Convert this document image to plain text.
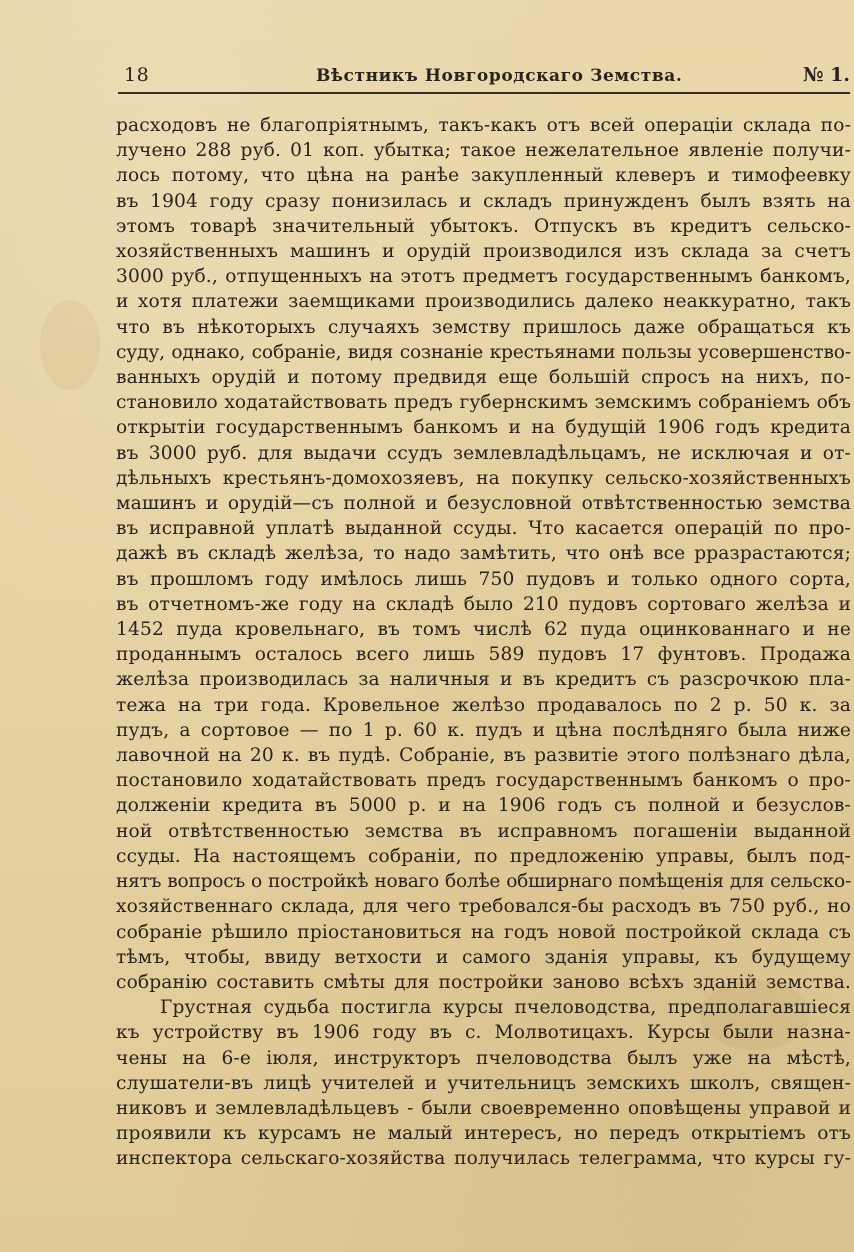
18	Вѣстникъ Новгородскаго Земства.	№ 1.

расходовъ не благопріятнымъ, такъ-какъ отъ всей операціи склада по-

лучено 288 руб. 01 коп. убытка; такое нежелательное явленіе получи-

лось потому, что цѣна на ранѣе закупленный клеверъ и тимофеевку

въ 1904 году сразу понизилась и складъ принужденъ былъ взять на

этомъ товарѣ значительный убытокъ. Отпускъ въ кредитъ сельско-

хозяйственныхъ машинъ и орудій производился изъ склада за счетъ

3000 руб., отпущенныхъ на этотъ предметъ государственнымъ банкомъ,

и хотя платежи заемщиками производились далеко неаккуратно, такъ

что въ нѣкоторыхъ случаяхъ земству пришлось даже обращаться къ

суду, однако, собраніе, видя сознаніе крестьянами пользы усовершенство-

ванныхъ орудій и потому предвидя еще большій спросъ на нихъ, по-

становило ходатайствовать предъ губернскимъ земскимъ собраніемъ объ

открытіи государственнымъ банкомъ и на будущій 1906 годъ кредита

въ 3000 руб. для выдачи ссудъ землевладѣльцамъ, не исключая и от-

дѣльныхъ крестьянъ-домохозяевъ, на покупку сельско-хозяйственныхъ

машинъ и орудій—съ полной и безусловной отвѣтственностью земства

въ исправной уплатѣ выданной ссуды. Что касается операцій по про-

дажѣ въ складѣ желѣза, то надо замѣтить, что онѣ все рразрастаются;

въ прошломъ году имѣлось лишь 750 пудовъ и только одного сорта,

въ отчетномъ-же году на складѣ было 210 пудовъ сортоваго желѣза и

1452 пуда кровельнаго, въ томъ числѣ 62 пуда оцинкованнаго и не

проданнымъ осталось всего лишь 589 пудовъ 17 фунтовъ. Продажа

желѣза производилась за наличныя и въ кредитъ съ разсрочкою пла-

тежа на три года. Кровельное желѣзо продавалось по 2 р. 50 к. за

пудъ, а сортовое — по 1 р. 60 к. пудъ и цѣна послѣдняго была ниже

лавочной на 20 к. въ пудѣ. Собраніе, въ развитіе этого полѣзнаго дѣла,

постановило ходатайствовать предъ государственнымъ банкомъ о про-

долженіи кредита въ 5000 р. и на 1906 годъ съ полной и безуслов-

ной отвѣтственностью земства въ исправномъ погашеніи выданной

ссуды. На настоящемъ собраніи, по предложенію управы, былъ под-

нятъ вопросъ о постройкѣ новаго болѣе обширнаго помѣщенія для сельско-

хозяйственнаго склада, для чего требовался-бы расходъ въ 750 руб., но

собраніе рѣшило пріостановиться на годъ новой постройкой склада съ

тѣмъ, чтобы, ввиду ветхости и самого зданія управы, къ будущему

собранію составить смѣты для постройки заново всѣхъ зданій земства.

Грустная судьба постигла курсы пчеловодства, предполагавшіеся

къ устройству въ 1906 году въ с. Молвотицахъ. Курсы были назна-

чены на 6-е іюля, инструкторъ пчеловодства былъ уже на мѣстѣ,

слушатели-въ лицѣ учителей и учительницъ земскихъ школъ, священ-

никовъ и землевладѣльцевъ - были своевременно оповѣщены управой и

проявили къ курсамъ не малый интересъ, но передъ открытіемъ отъ

инспектора сельскаго-хозяйства получилась телеграмма, что курсы гу-
